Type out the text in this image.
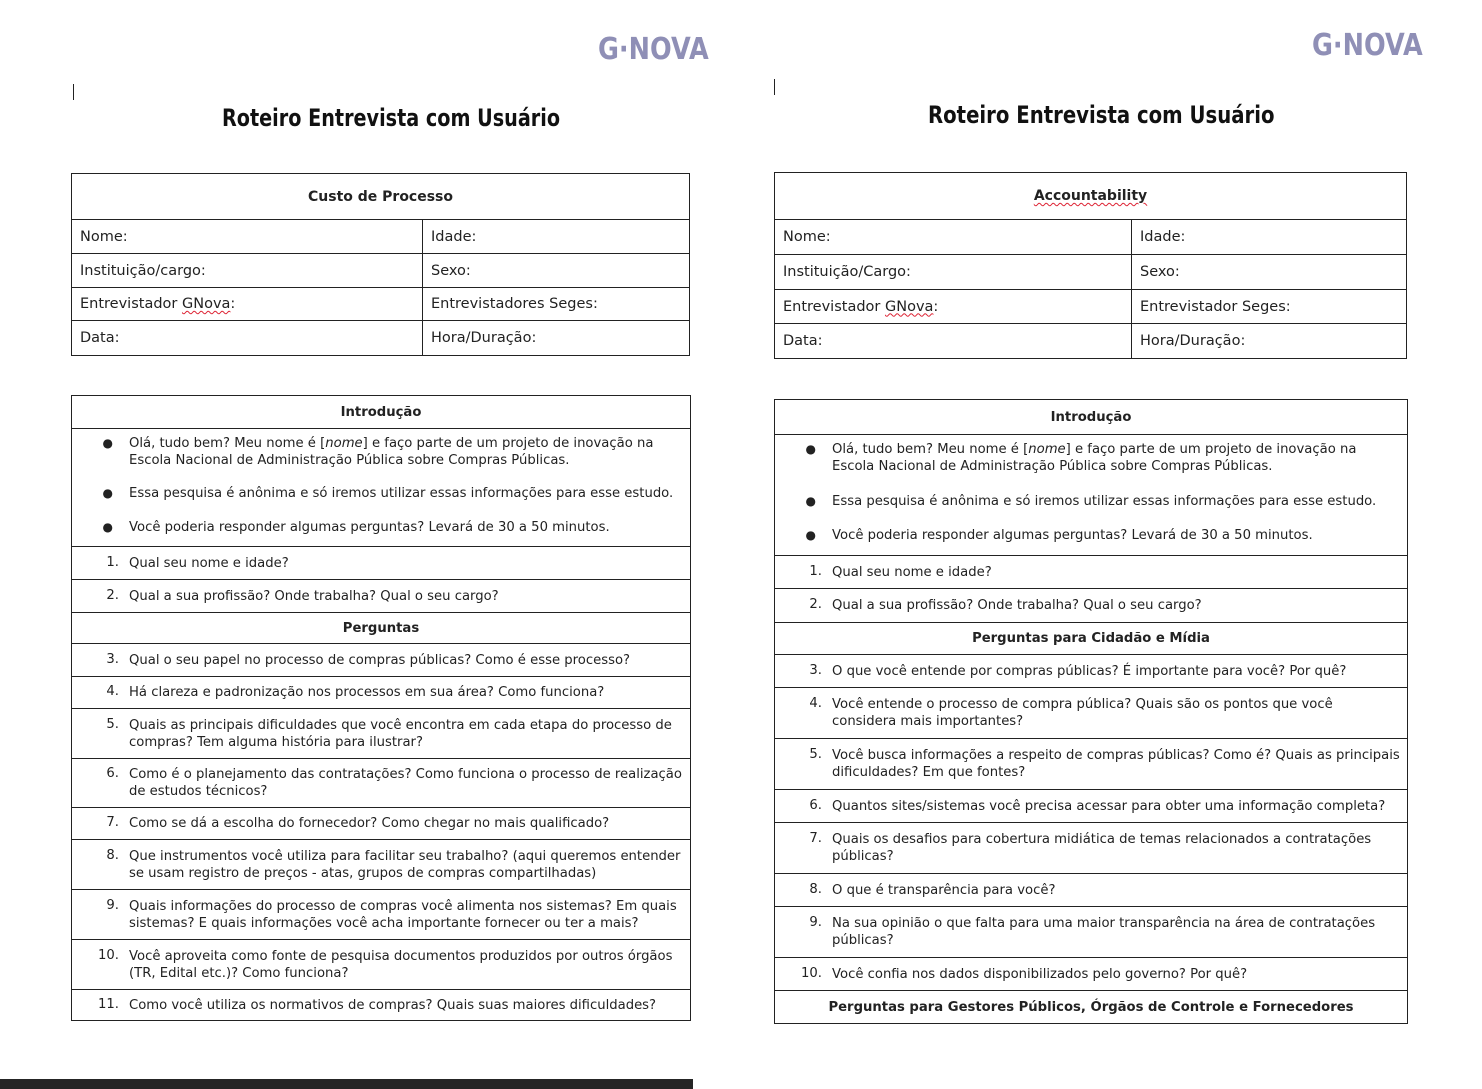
G·NOVA
Roteiro Entrevista com Usuário
Custo de Processo	
Nome:	Idade:
Instituição/cargo:	Sexo:
Entrevistador GNova:	Entrevistadores Seges:
Data:	Hora/Duração:
Introdução

●	Olá, tudo bem? Meu nome é [nome] e faço parte de um projeto de inovação na Escola Nacional de Administração Pública sobre Compras Públicas.
●	Essa pesquisa é anônima e só iremos utilizar essas informações para esse estudo.
●	Você poderia responder algumas perguntas? Levará de 30 a 50 minutos.

1. Qual seu nome e idade?

2. Qual a sua profissão? Onde trabalha? Qual o seu cargo?

Perguntas

3. Qual o seu papel no processo de compras públicas? Como é esse processo?

4. Há clareza e padronização nos processos em sua área? Como funciona?

5. Quais as principais dificuldades que você encontra em cada etapa do processo de compras? Tem alguma história para ilustrar?

6. Como é o planejamento das contratações? Como funciona o processo de realização de estudos técnicos?

7. Como se dá a escolha do fornecedor? Como chegar no mais qualificado?

8. Que instrumentos você utiliza para facilitar seu trabalho? (aqui queremos entender se usam registro de preços - atas, grupos de compras compartilhadas)

9. Quais informações do processo de compras você alimenta nos sistemas? Em quais sistemas? E quais informações você acha importante fornecer ou ter a mais?

10. Você aproveita como fonte de pesquisa documentos produzidos por outros órgãos (TR, Edital etc.)? Como funciona?

11. Como você utiliza os normativos de compras? Quais suas maiores dificuldades?
G·NOVA
Roteiro Entrevista com Usuário
Accountability	
Nome:	Idade:
Instituição/Cargo:	Sexo:
Entrevistador GNova:	Entrevistador Seges:
Data:	Hora/Duração:
Introdução

●	Olá, tudo bem? Meu nome é [nome] e faço parte de um projeto de inovação na Escola Nacional de Administração Pública sobre Compras Públicas.
●	Essa pesquisa é anônima e só iremos utilizar essas informações para esse estudo.
●	Você poderia responder algumas perguntas? Levará de 30 a 50 minutos.

1. Qual seu nome e idade?

2. Qual a sua profissão? Onde trabalha? Qual o seu cargo?

Perguntas para Cidadão e Mídia

3. O que você entende por compras públicas? É importante para você? Por quê?

4. Você entende o processo de compra pública? Quais são os pontos que você considera mais importantes?

5. Você busca informações a respeito de compras públicas? Como é? Quais as principais dificuldades? Em que fontes?

6. Quantos sites/sistemas você precisa acessar para obter uma informação completa?

7. Quais os desafios para cobertura midiática de temas relacionados a contratações públicas?

8. O que é transparência para você?

9. Na sua opinião o que falta para uma maior transparência na área de contratações públicas?

10. Você confia nos dados disponibilizados pelo governo? Por quê?

Perguntas para Gestores Públicos, Órgãos de Controle e Fornecedores
